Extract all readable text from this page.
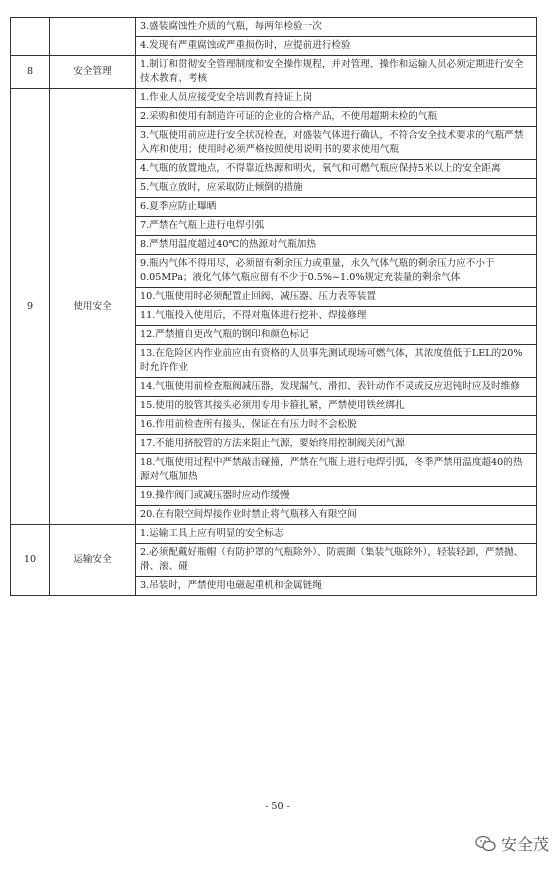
		3.盛装腐蚀性介质的气瓶，每两年检验一次
		4.发现有严重腐蚀或严重损伤时，应提前进行检验
8	安全管理	1.制订和贯彻安全管理制度和安全操作规程，并对管理、操作和运输人员必须定期进行安全技术教育、考核
9	使用安全	1.作业人员应接受安全培训教育持证上岗
		2.采购和使用有制造许可证的企业的合格产品，不使用超期未检的气瓶
		3.气瓶使用前应进行安全状况检查，对盛装气体进行确认，不符合安全技术要求的气瓶严禁入库和使用；使用时必须严格按照使用说明书的要求使用气瓶
		4.气瓶的放置地点，不得靠近热源和明火，氧气和可燃气瓶应保持5米以上的安全距离
		5.气瓶立放时，应采取防止倾倒的措施
		6.夏季应防止曝晒
		7.严禁在气瓶上进行电焊引弧
		8.严禁用温度超过40℃的热源对气瓶加热
		9.瓶内气体不得用尽，必须留有剩余压力或重量，永久气体气瓶的剩余压力应不小于0.05MPa；液化气体气瓶应留有不少于0.5%~1.0%规定充装量的剩余气体
		10.气瓶使用时必须配置止回阀、减压器、压力表等装置
		11.气瓶投入使用后，不得对瓶体进行挖补、焊接修理
		12.严禁擅自更改气瓶的钢印和颜色标记
		13.在危险区内作业前应由有资格的人员事先测试现场可燃气体，其浓度值低于LEL的20%时允许作业
		14.气瓶使用前检查瓶阀减压器，发现漏气、滑扣、表针动作不灵或反应迟钝时应及时维修
		15.使用的胶管其接头必须用专用卡箍扎紧，严禁使用铁丝绑扎
		16.作用前检查所有接头，保证在有压力时不会松脱
		17.不能用挤胶管的方法来阻止气源，要始终用控制阀关闭气源
		18.气瓶使用过程中严禁敲击碰撞，严禁在气瓶上进行电焊引弧，冬季严禁用温度超40的热源对气瓶加热
		19.操作阀门或减压器时应动作缓慢
		20.在有限空间焊接作业时禁止将气瓶移入有限空间
10	运输安全	1.运输工具上应有明显的安全标志
		2.必须配戴好瓶帽（有防护罩的气瓶除外）、防震圈（集装气瓶除外），轻装轻卸，严禁抛、滑、滚、碰
		3.吊装时，严禁使用电磁起重机和金属链绳
- 50 -
安全茂
